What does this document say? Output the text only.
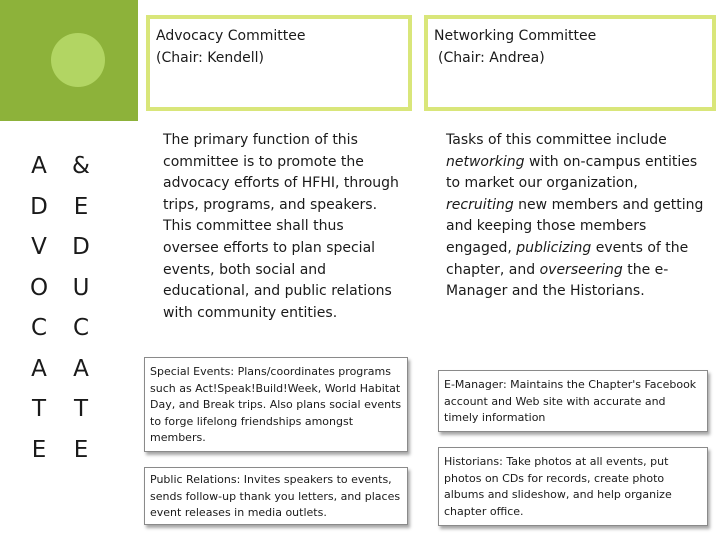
A
D
V
O
C
A
T
E
&
E
D
U
C
A
T
E
Advocacy Committee
(Chair: Kendell)
Networking Committee
(Chair: Andrea)
The primary function of this committee is to promote the advocacy efforts of HFHI, through trips, programs, and speakers. This committee shall thus oversee efforts to plan special events, both social and educational, and public relations with community entities.
Tasks of this committee include networking with on-campus entities to market our organization, recruiting new members and getting and keeping those members engaged, publicizing events of the chapter, and overseering the e-Manager and the Historians.
Special Events: Plans/coordinates programs such as Act!Speak!Build!Week, World Habitat Day, and Break trips. Also plans social events to forge lifelong friendships amongst members.
Public Relations: Invites speakers to events, sends follow-up thank you letters, and places event releases in media outlets.
E-Manager: Maintains the Chapter's Facebook account and Web site with accurate and timely information
Historians: Take photos at all events, put photos on CDs for records, create photo albums and slideshow, and help organize chapter office.
